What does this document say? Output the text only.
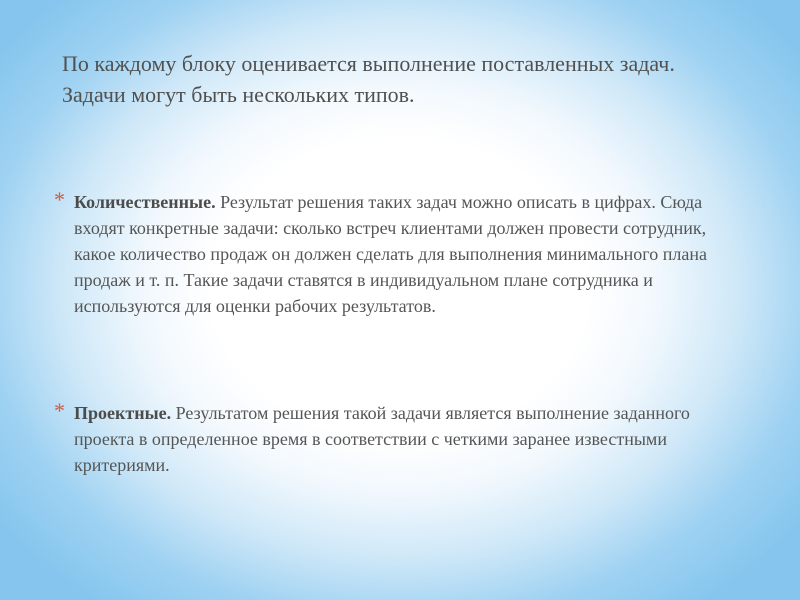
По каждому блоку оценивается выполнение поставленных задач. Задачи могут быть нескольких типов.

* Количественные. Результат решения таких задач можно описать в цифрах. Сюда входят конкретные задачи: сколько встреч клиентами должен провести сотрудник, какое количество продаж он должен сделать для выполнения минимального плана продаж и т. п. Такие задачи ставятся в индивидуальном плане сотрудника и используются для оценки рабочих результатов.
* Проектные. Результатом решения такой задачи является выполнение заданного проекта в определенное время в соответствии с четкими заранее известными критериями.
